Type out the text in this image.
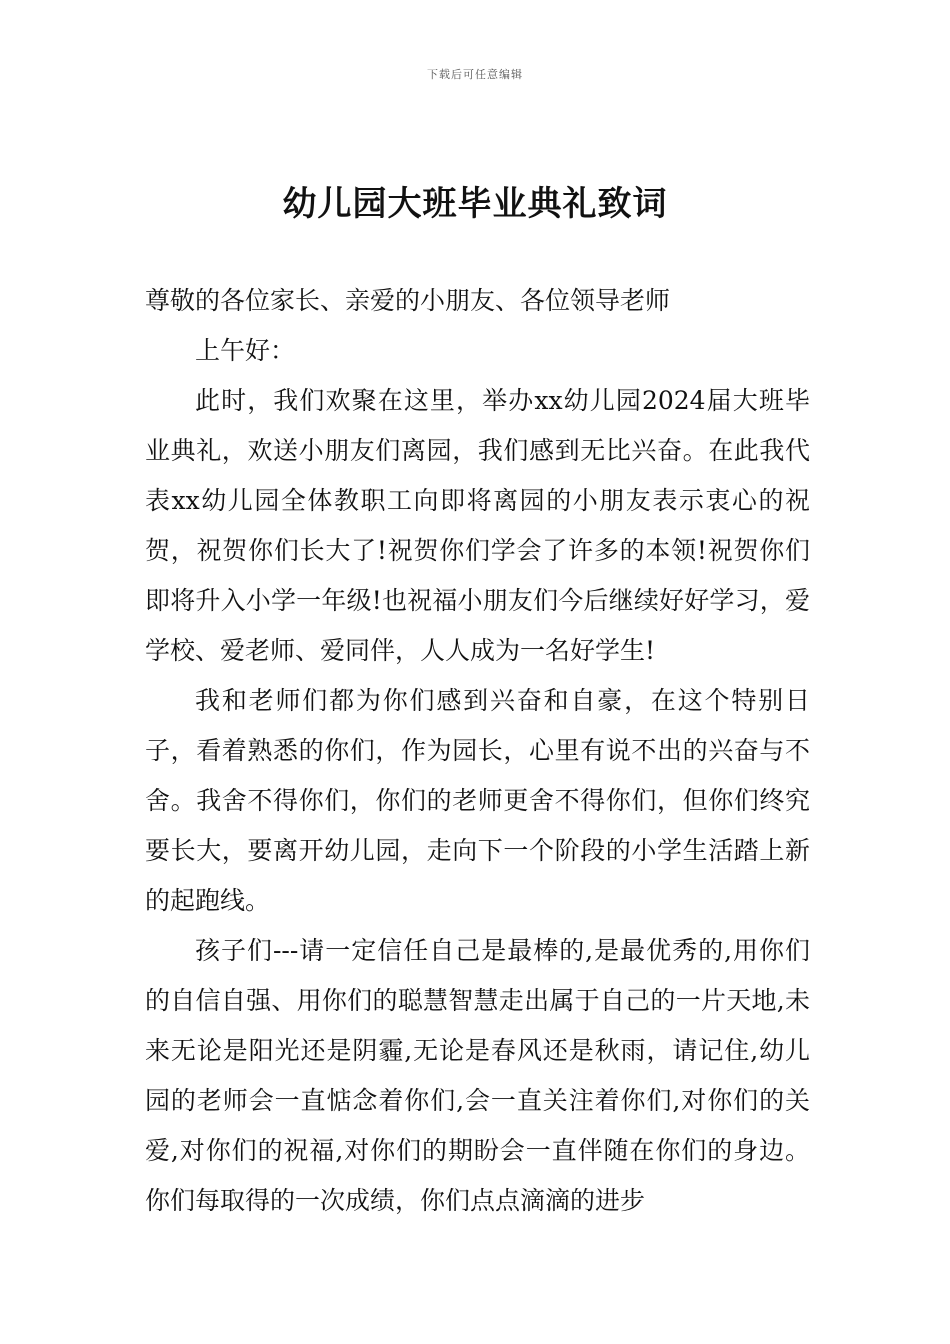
下载后可任意编辑
幼儿园大班毕业典礼致词

尊敬的各位家长、亲爱的小朋友、各位领导老师

上午好：

此时，我们欢聚在这里，举办xx幼儿园2024届大班毕业典礼，欢送小朋友们离园，我们感到无比兴奋。在此我代表xx幼儿园全体教职工向即将离园的小朋友表示衷心的祝贺，祝贺你们长大了!祝贺你们学会了许多的本领!祝贺你们即将升入小学一年级!也祝福小朋友们今后继续好好学习，爱学校、爱老师、爱同伴，人人成为一名好学生!

我和老师们都为你们感到兴奋和自豪，在这个特别日子，看着熟悉的你们，作为园长，心里有说不出的兴奋与不舍。我舍不得你们，你们的老师更舍不得你们，但你们终究要长大，要离开幼儿园，走向下一个阶段的小学生活踏上新的起跑线。

孩子们---请一定信任自己是最棒的,是最优秀的,用你们的自信自强、用你们的聪慧智慧走出属于自己的一片天地,未来无论是阳光还是阴霾,无论是春风还是秋雨，请记住,幼儿园的老师会一直惦念着你们,会一直关注着你们,对你们的关爱,对你们的祝福,对你们的期盼会一直伴随在你们的身边。你们每取得的一次成绩，你们点点滴滴的进步
